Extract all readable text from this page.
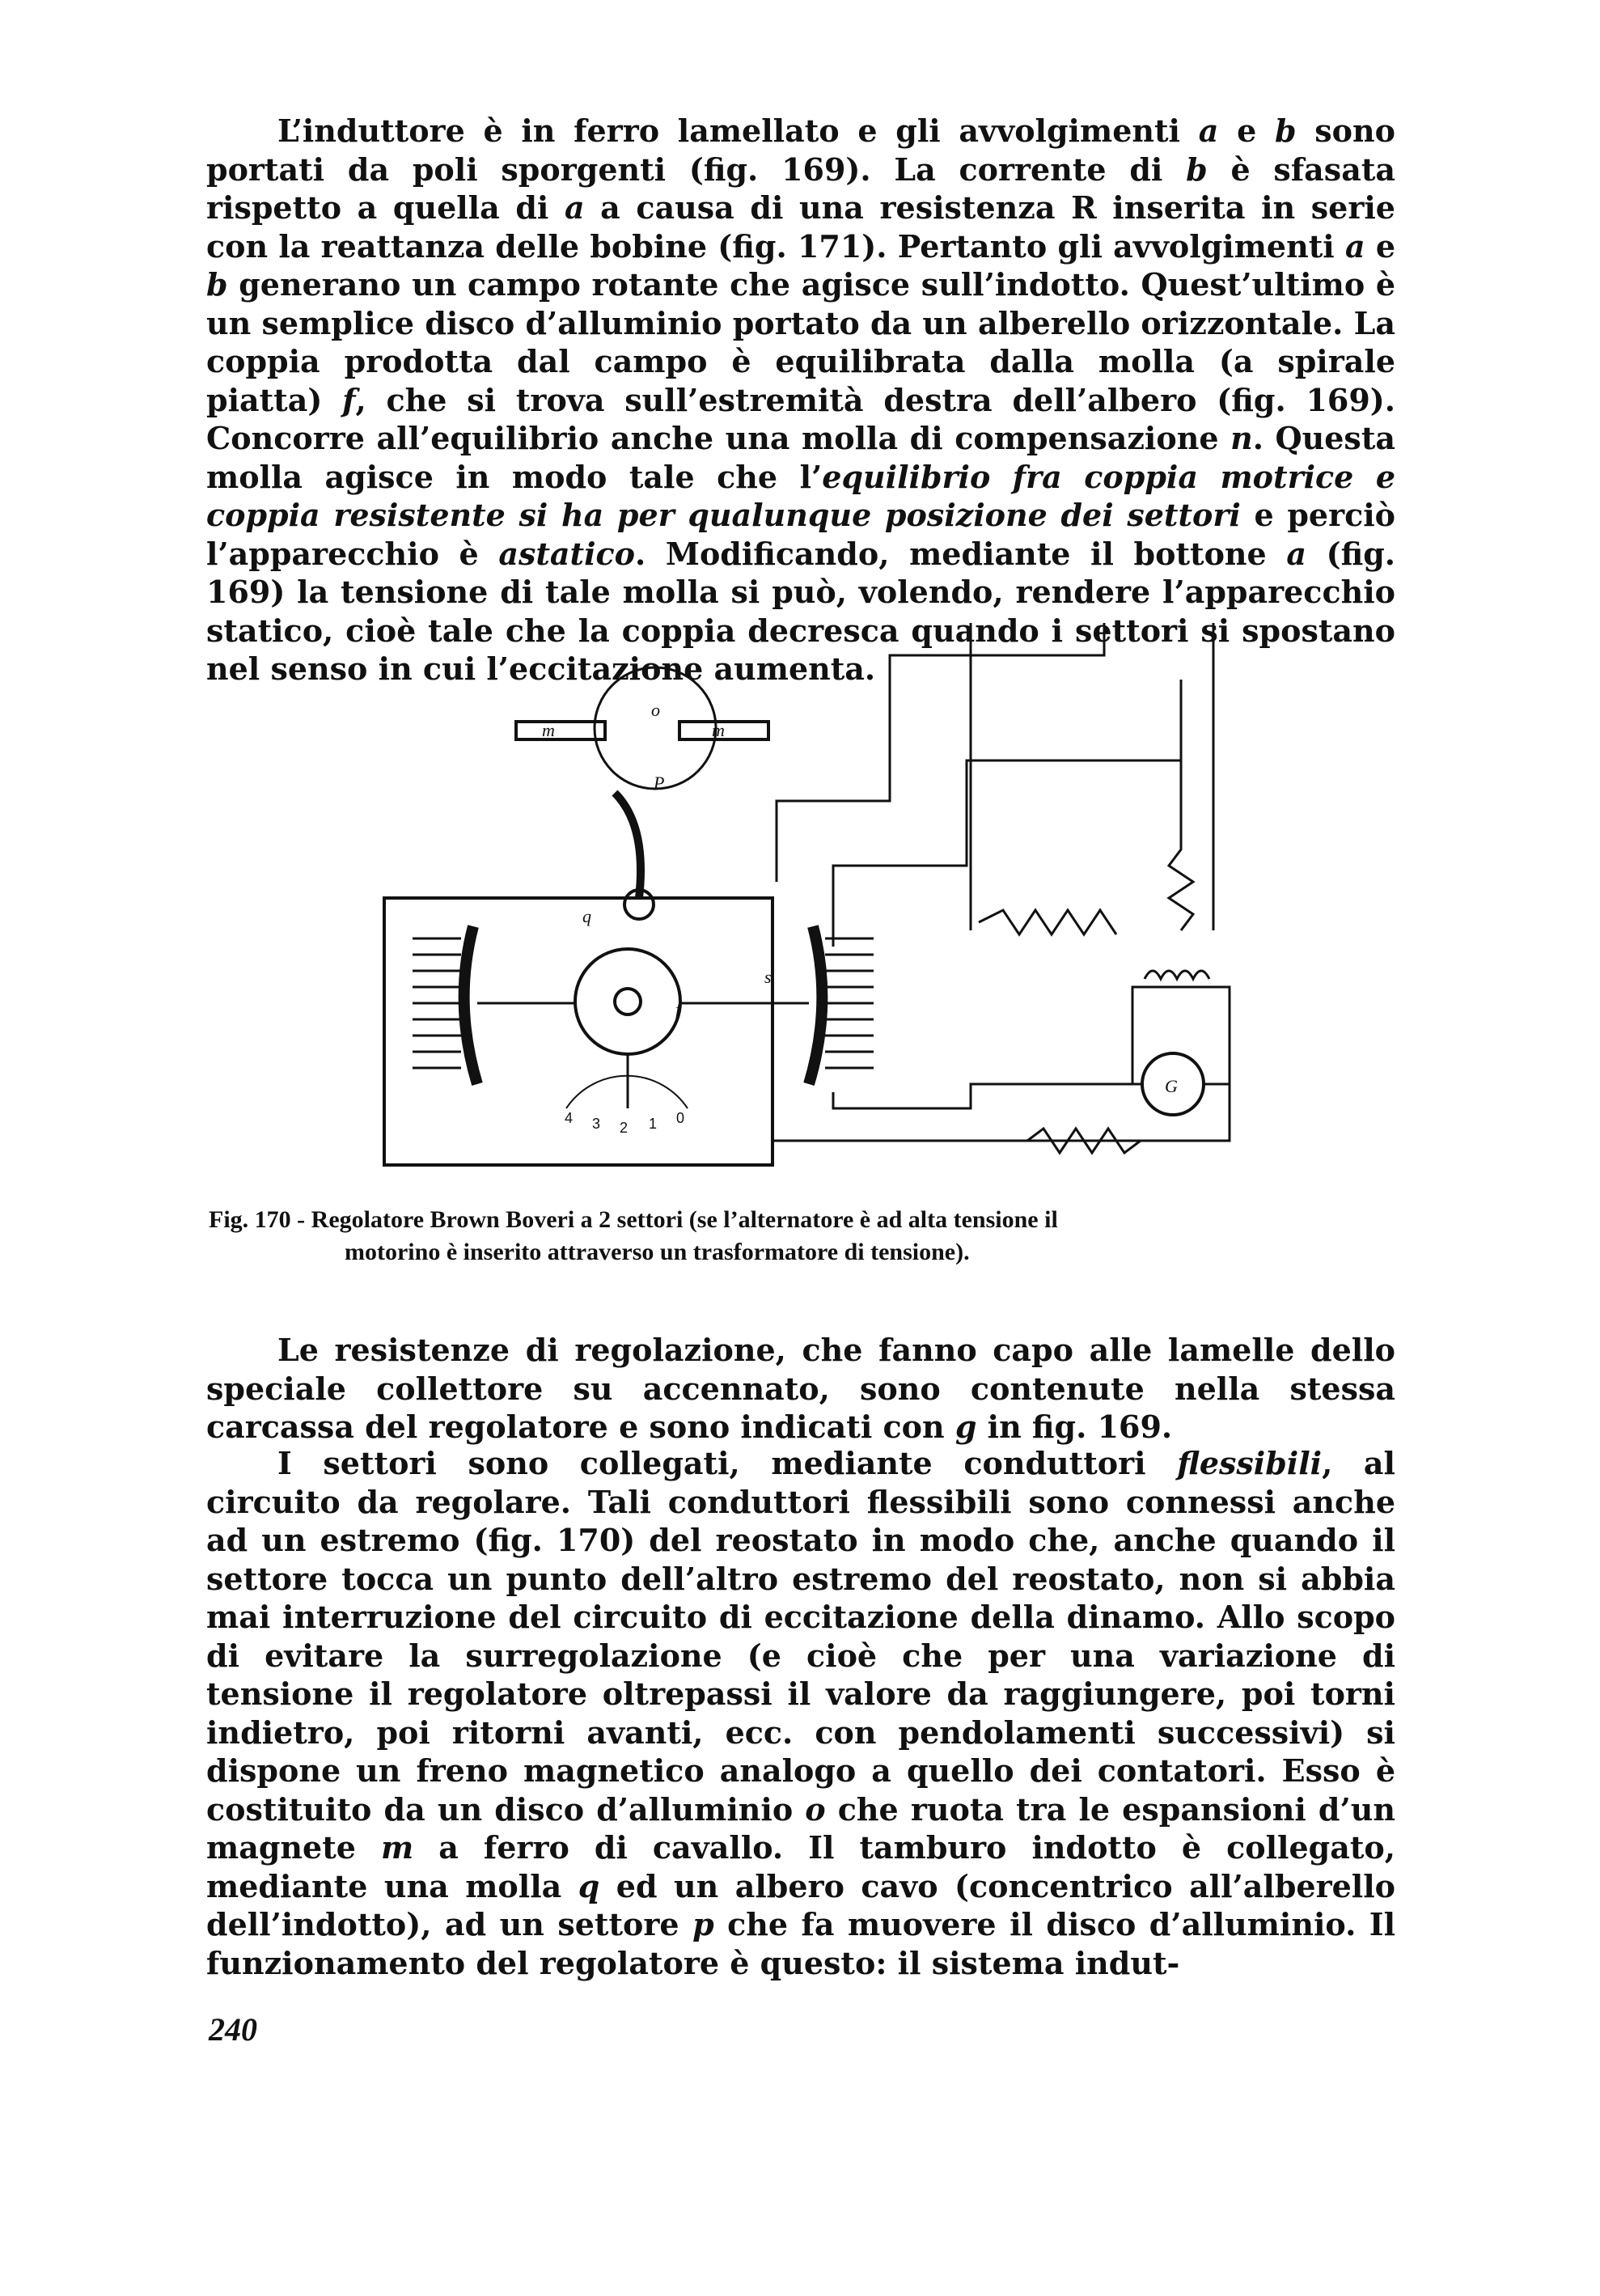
L’induttore è in ferro lamellato e gli avvolgimenti a e b sono portati da poli sporgenti (fig. 169). La corrente di b è sfasata rispetto a quella di a a causa di una resistenza R inserita in serie con la reattanza delle bobine (fig. 171). Pertanto gli avvolgimenti a e b generano un campo rotante che agisce sull’indotto. Quest’ultimo è un semplice disco d’alluminio portato da un alberello orizzontale. La coppia prodotta dal campo è equilibrata dalla molla (a spirale piatta) f, che si trova sull’estremità destra dell’albero (fig. 169). Concorre all’equilibrio anche una molla di compensazione n. Questa molla agisce in modo tale che l’equilibrio fra coppia motrice e coppia resistente si ha per qualunque posizione dei settori e perciò l’apparecchio è astatico. Modificando, mediante il bottone a (fig. 169) la tensione di tale molla si può, volendo, rendere l’apparecchio statico, cioè tale che la coppia decresca quando i settori si spostano nel senso in cui l’eccitazione aumenta.

o
m	m
P
q
f
s
G
4 3 2 1 0
Fig. 170 - Regolatore Brown Boveri a 2 settori (se l’alternatore è ad alta tensione il
motorino è inserito attraverso un trasformatore di tensione).

Le resistenze di regolazione, che fanno capo alle lamelle dello speciale collettore su accennato, sono contenute nella stessa carcassa del regolatore e sono indicati con g in fig. 169.

I settori sono collegati, mediante conduttori flessibili, al circuito da regolare. Tali conduttori flessibili sono connessi anche ad un estremo (fig. 170) del reostato in modo che, anche quando il settore tocca un punto dell’altro estremo del reostato, non si abbia mai interruzione del circuito di eccitazione della dinamo. Allo scopo di evitare la surregolazione (e cioè che per una variazione di tensione il regolatore oltrepassi il valore da raggiungere, poi torni indietro, poi ritorni avanti, ecc. con pendolamenti successivi) si dispone un freno magnetico analogo a quello dei contatori. Esso è costituito da un disco d’alluminio o che ruota tra le espansioni d’un magnete m a ferro di cavallo. Il tamburo indotto è collegato, mediante una molla q ed un albero cavo (concentrico all’alberello dell’indotto), ad un settore p che fa muovere il disco d’alluminio. Il funzionamento del regolatore è questo: il sistema indut-

240
